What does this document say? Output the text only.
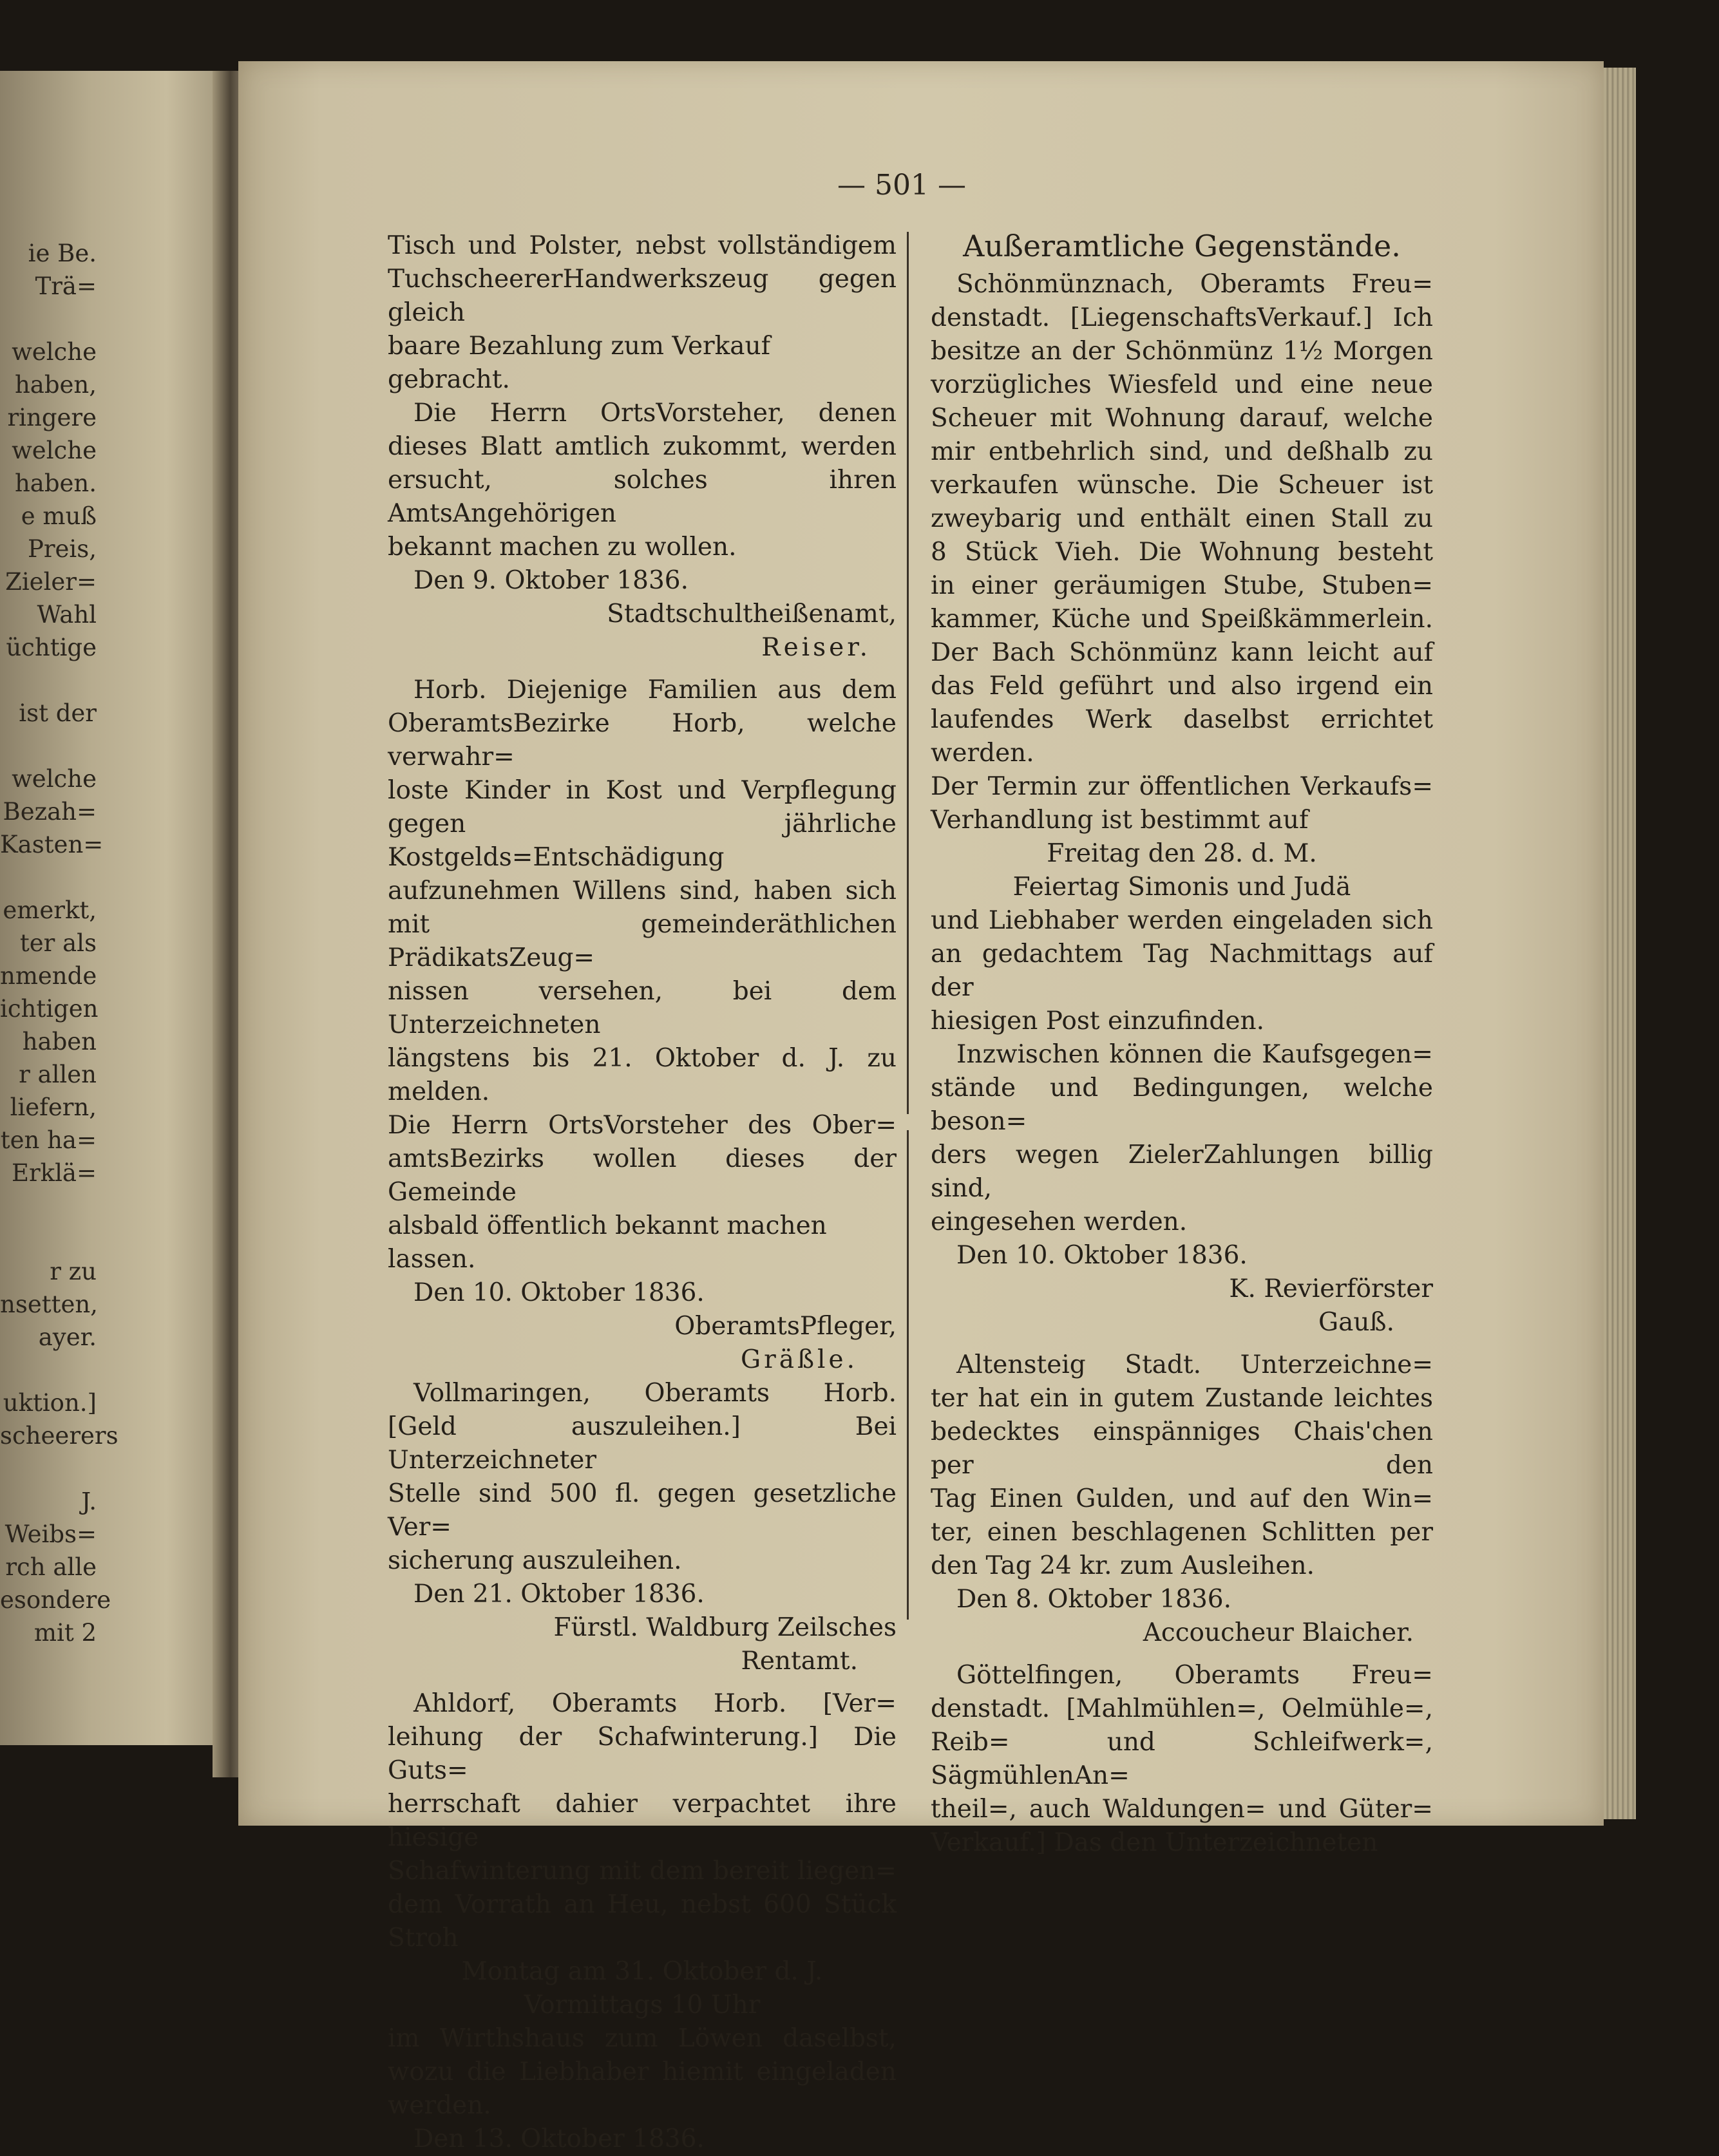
ie Be.
Trä=
welche
haben,
ringere
welche
haben.
e muß
Preis,
Zieler=
Wahl
üchtige
ist der
welche
Bezah=
Kasten=
emerkt,
ter als
nmende
ichtigen
haben
r allen
liefern,
ten ha=
Erklä=
r zu
nsetten,
ayer.
uktion.]
scheerers
J.
Weibs=
rch alle
esondere
mit 2
— 501 —

Tisch und Polster, nebst vollständigem

TuchscheererHandwerkszeug gegen gleich

baare Bezahlung zum Verkauf gebracht.

Die Herrn OrtsVorsteher, denen

dieses Blatt amtlich zukommt, werden

ersucht, solches ihren AmtsAngehörigen

bekannt machen zu wollen.

Den 9. Oktober 1836.

Stadtschultheißenamt,

Reiser.

Horb. Diejenige Familien aus dem

OberamtsBezirke Horb, welche verwahr=

loste Kinder in Kost und Verpflegung

gegen jährliche Kostgelds=Entschädigung

aufzunehmen Willens sind, haben sich

mit gemeinderäthlichen PrädikatsZeug=

nissen versehen, bei dem Unterzeichneten

längstens bis 21. Oktober d. J. zu melden.

Die Herrn OrtsVorsteher des Ober=

amtsBezirks wollen dieses der Gemeinde

alsbald öffentlich bekannt machen lassen.

Den 10. Oktober 1836.

OberamtsPfleger,

Gräßle.

Vollmaringen, Oberamts Horb.

[Geld auszuleihen.] Bei Unterzeichneter

Stelle sind 500 fl. gegen gesetzliche Ver=

sicherung auszuleihen.

Den 21. Oktober 1836.

Fürstl. Waldburg Zeilsches

Rentamt.

Ahldorf, Oberamts Horb. [Ver=

leihung der Schafwinterung.] Die Guts=

herrschaft dahier verpachtet ihre hiesige

Schafwinterung mit dem bereit liegen=

dem Vorrath an Heu, nebst 600 Stück

Stroh

Montag am 31. Oktober d. J.

Vormittags 10 Uhr

im Wirthshaus zum Löwen daselbst,

wozu die Liebhaber hiemit eingeladen

werden.

Den 13. Oktober 1836.

Außeramtliche Gegenstände.

Schönmünznach, Oberamts Freu=

denstadt. [LiegenschaftsVerkauf.] Ich

besitze an der Schönmünz 1½ Morgen

vorzügliches Wiesfeld und eine neue

Scheuer mit Wohnung darauf, welche

mir entbehrlich sind, und deßhalb zu

verkaufen wünsche. Die Scheuer ist

zweybarig und enthält einen Stall zu

8 Stück Vieh. Die Wohnung besteht

in einer geräumigen Stube, Stuben=

kammer, Küche und Speißkämmerlein.

Der Bach Schönmünz kann leicht auf

das Feld geführt und also irgend ein

laufendes Werk daselbst errichtet werden.

Der Termin zur öffentlichen Verkaufs=

Verhandlung ist bestimmt auf

Freitag den 28. d. M.

Feiertag Simonis und Judä

und Liebhaber werden eingeladen sich

an gedachtem Tag Nachmittags auf der

hiesigen Post einzufinden.

Inzwischen können die Kaufsgegen=

stände und Bedingungen, welche beson=

ders wegen ZielerZahlungen billig sind,

eingesehen werden.

Den 10. Oktober 1836.

K. Revierförster

Gauß.

Altensteig Stadt. Unterzeichne=

ter hat ein in gutem Zustande leichtes

bedecktes einspänniges Chais'chen per den

Tag Einen Gulden, und auf den Win=

ter, einen beschlagenen Schlitten per

den Tag 24 kr. zum Ausleihen.

Den 8. Oktober 1836.

Accoucheur Blaicher.

Göttelfingen, Oberamts Freu=

denstadt. [Mahlmühlen=, Oelmühle=,

Reib= und Schleifwerk=, SägmühlenAn=

theil=, auch Waldungen= und Güter=

Verkauf.] Das den Unterzeichneten
